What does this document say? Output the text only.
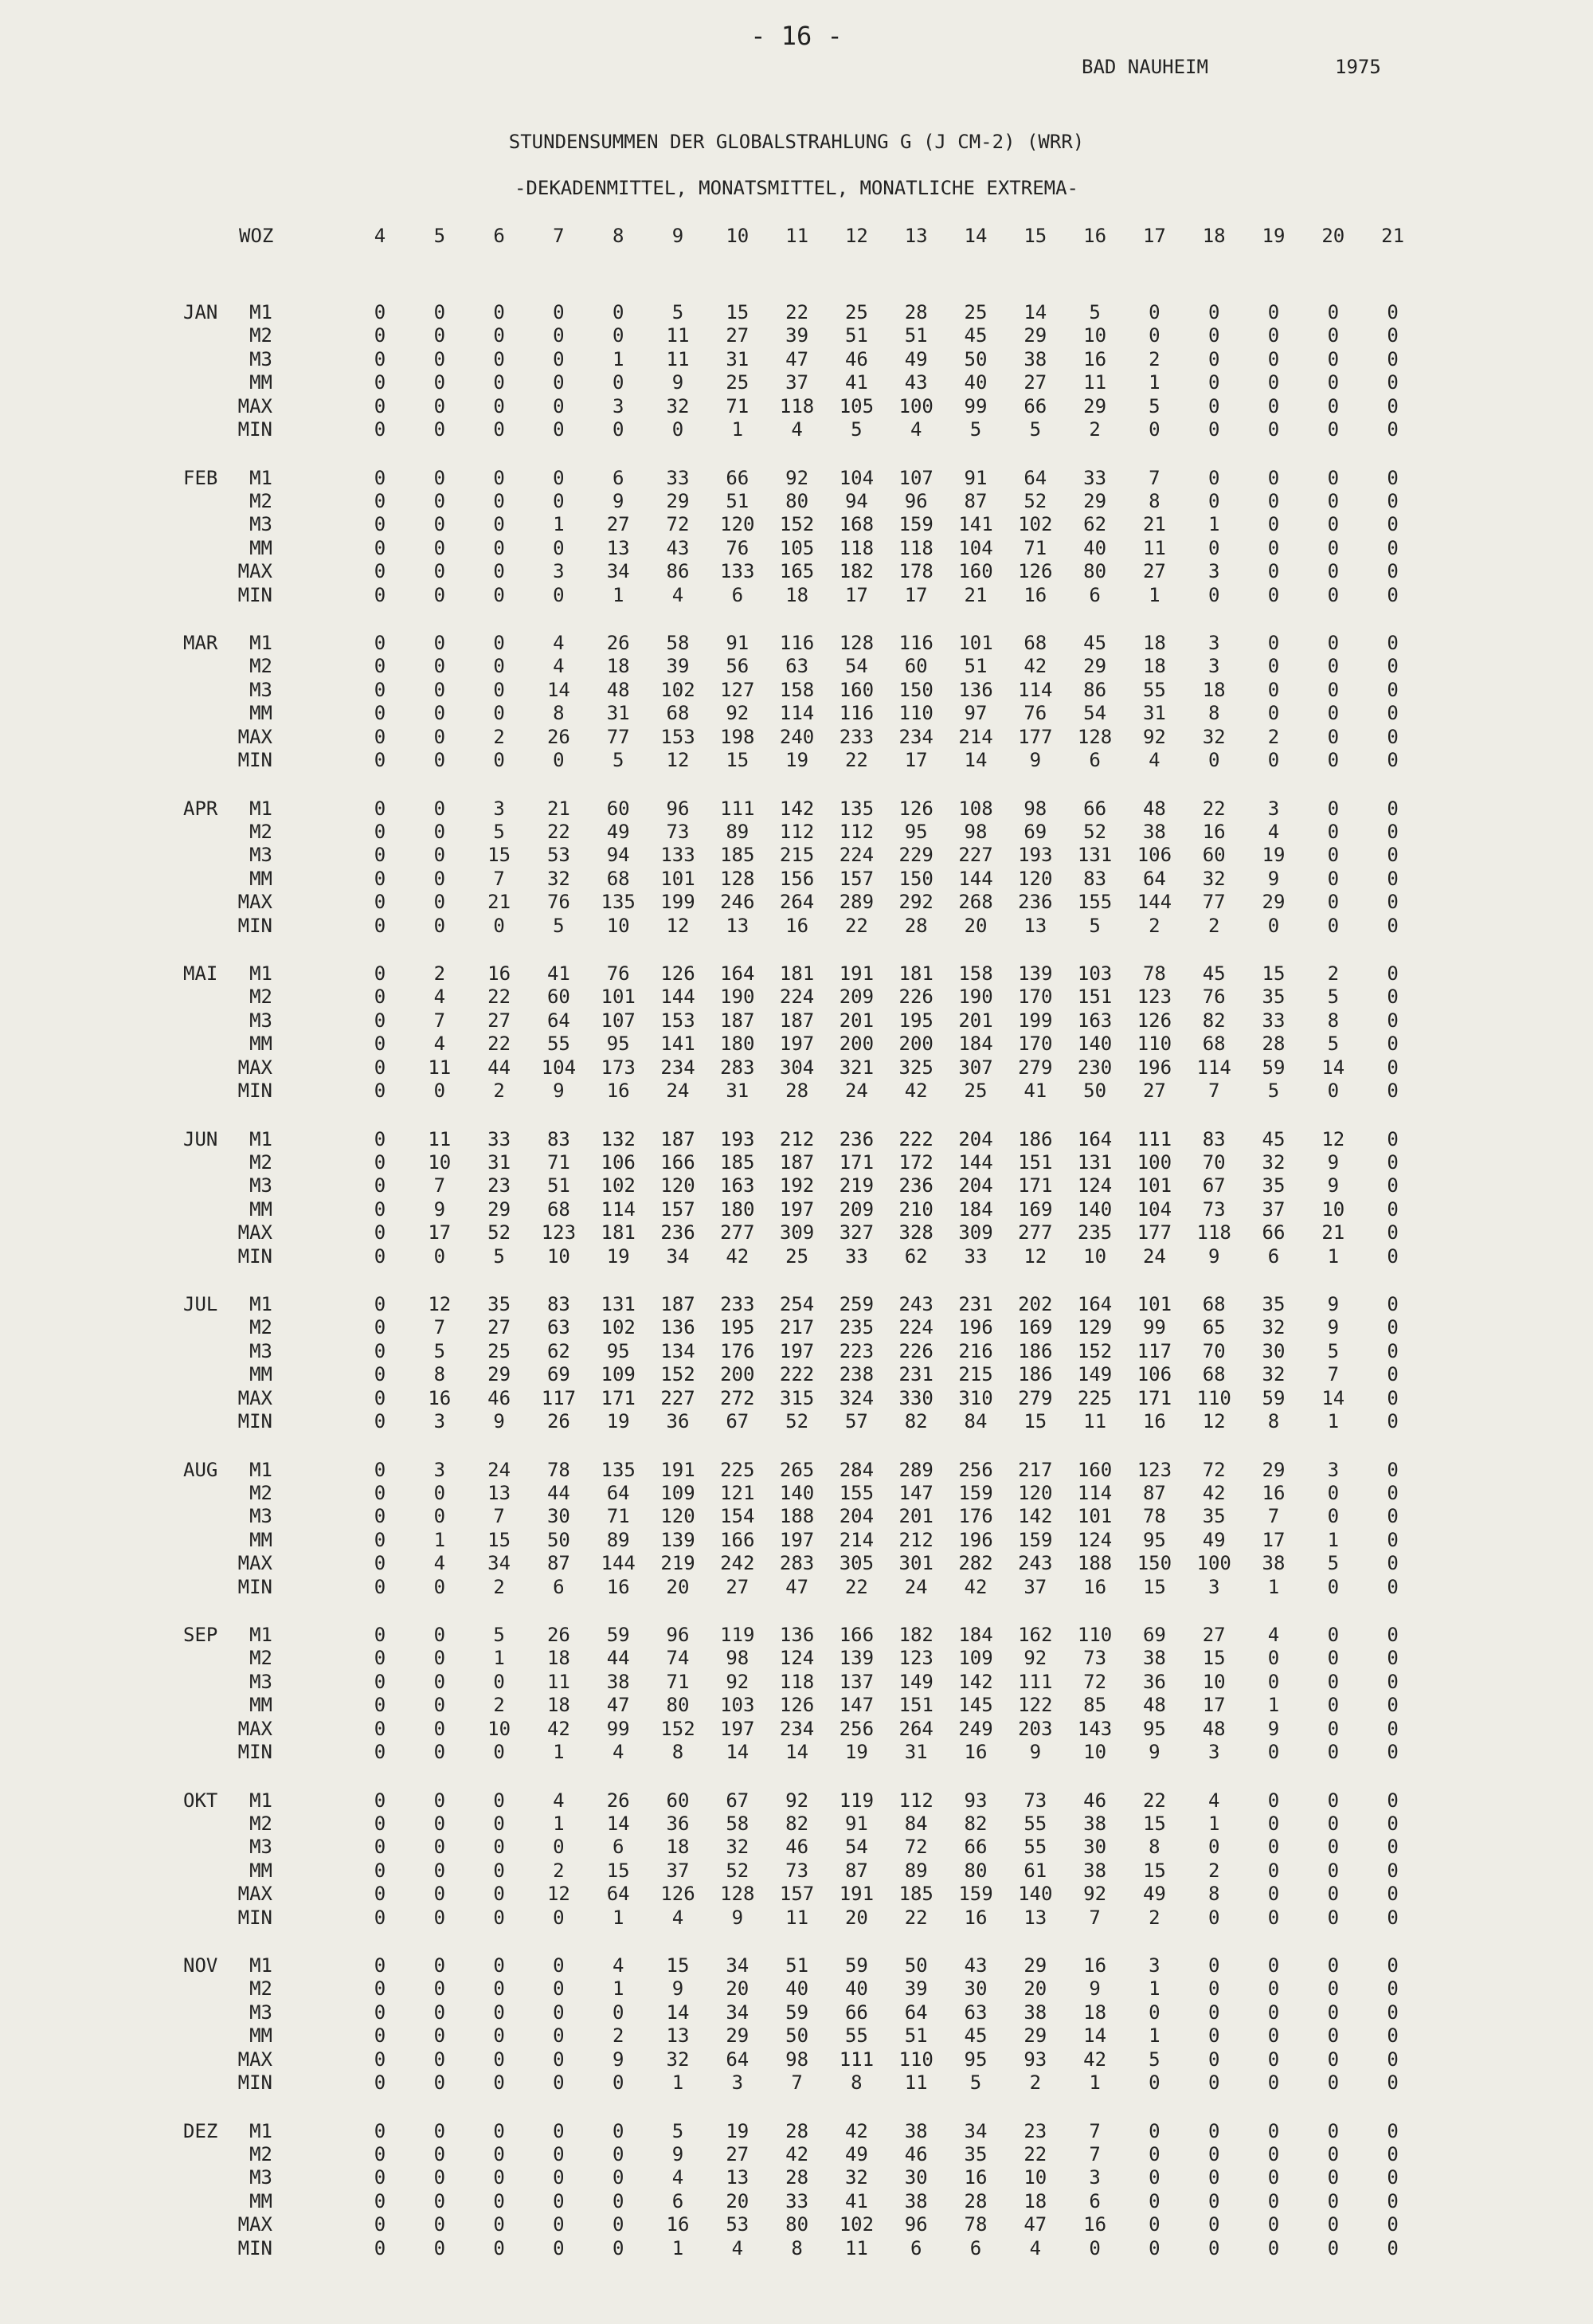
- 16 -
BAD NAUHEIM	1975
STUNDENSUMMEN DER GLOBALSTRAHLUNG G (J CM-2) (WRR)
-DEKADENMITTEL, MONATSMITTEL, MONATLICHE EXTREMA-
WOZ	4	5	6	7	8	9	10	11	12	13	14	15	16	17	18	19	20	21
JAN	M1	0	0	0	0	0	5	15	22	25	28	25	14	5	0	0	0	0	0
M2	0	0	0	0	0	11	27	39	51	51	45	29	10	0	0	0	0	0
M3	0	0	0	0	1	11	31	47	46	49	50	38	16	2	0	0	0	0
MM	0	0	0	0	0	9	25	37	41	43	40	27	11	1	0	0	0	0
MAX	0	0	0	0	3	32	71	118	105	100	99	66	29	5	0	0	0	0
MIN	0	0	0	0	0	0	1	4	5	4	5	5	2	0	0	0	0	0
FEB	M1	0	0	0	0	6	33	66	92	104	107	91	64	33	7	0	0	0	0
M2	0	0	0	0	9	29	51	80	94	96	87	52	29	8	0	0	0	0
M3	0	0	0	1	27	72	120	152	168	159	141	102	62	21	1	0	0	0
MM	0	0	0	0	13	43	76	105	118	118	104	71	40	11	0	0	0	0
MAX	0	0	0	3	34	86	133	165	182	178	160	126	80	27	3	0	0	0
MIN	0	0	0	0	1	4	6	18	17	17	21	16	6	1	0	0	0	0
MAR	M1	0	0	0	4	26	58	91	116	128	116	101	68	45	18	3	0	0	0
M2	0	0	0	4	18	39	56	63	54	60	51	42	29	18	3	0	0	0
M3	0	0	0	14	48	102	127	158	160	150	136	114	86	55	18	0	0	0
MM	0	0	0	8	31	68	92	114	116	110	97	76	54	31	8	0	0	0
MAX	0	0	2	26	77	153	198	240	233	234	214	177	128	92	32	2	0	0
MIN	0	0	0	0	5	12	15	19	22	17	14	9	6	4	0	0	0	0
APR	M1	0	0	3	21	60	96	111	142	135	126	108	98	66	48	22	3	0	0
M2	0	0	5	22	49	73	89	112	112	95	98	69	52	38	16	4	0	0
M3	0	0	15	53	94	133	185	215	224	229	227	193	131	106	60	19	0	0
MM	0	0	7	32	68	101	128	156	157	150	144	120	83	64	32	9	0	0
MAX	0	0	21	76	135	199	246	264	289	292	268	236	155	144	77	29	0	0
MIN	0	0	0	5	10	12	13	16	22	28	20	13	5	2	2	0	0	0
MAI	M1	0	2	16	41	76	126	164	181	191	181	158	139	103	78	45	15	2	0
M2	0	4	22	60	101	144	190	224	209	226	190	170	151	123	76	35	5	0
M3	0	7	27	64	107	153	187	187	201	195	201	199	163	126	82	33	8	0
MM	0	4	22	55	95	141	180	197	200	200	184	170	140	110	68	28	5	0
MAX	0	11	44	104	173	234	283	304	321	325	307	279	230	196	114	59	14	0
MIN	0	0	2	9	16	24	31	28	24	42	25	41	50	27	7	5	0	0
JUN	M1	0	11	33	83	132	187	193	212	236	222	204	186	164	111	83	45	12	0
M2	0	10	31	71	106	166	185	187	171	172	144	151	131	100	70	32	9	0
M3	0	7	23	51	102	120	163	192	219	236	204	171	124	101	67	35	9	0
MM	0	9	29	68	114	157	180	197	209	210	184	169	140	104	73	37	10	0
MAX	0	17	52	123	181	236	277	309	327	328	309	277	235	177	118	66	21	0
MIN	0	0	5	10	19	34	42	25	33	62	33	12	10	24	9	6	1	0
JUL	M1	0	12	35	83	131	187	233	254	259	243	231	202	164	101	68	35	9	0
M2	0	7	27	63	102	136	195	217	235	224	196	169	129	99	65	32	9	0
M3	0	5	25	62	95	134	176	197	223	226	216	186	152	117	70	30	5	0
MM	0	8	29	69	109	152	200	222	238	231	215	186	149	106	68	32	7	0
MAX	0	16	46	117	171	227	272	315	324	330	310	279	225	171	110	59	14	0
MIN	0	3	9	26	19	36	67	52	57	82	84	15	11	16	12	8	1	0
AUG	M1	0	3	24	78	135	191	225	265	284	289	256	217	160	123	72	29	3	0
M2	0	0	13	44	64	109	121	140	155	147	159	120	114	87	42	16	0	0
M3	0	0	7	30	71	120	154	188	204	201	176	142	101	78	35	7	0	0
MM	0	1	15	50	89	139	166	197	214	212	196	159	124	95	49	17	1	0
MAX	0	4	34	87	144	219	242	283	305	301	282	243	188	150	100	38	5	0
MIN	0	0	2	6	16	20	27	47	22	24	42	37	16	15	3	1	0	0
SEP	M1	0	0	5	26	59	96	119	136	166	182	184	162	110	69	27	4	0	0
M2	0	0	1	18	44	74	98	124	139	123	109	92	73	38	15	0	0	0
M3	0	0	0	11	38	71	92	118	137	149	142	111	72	36	10	0	0	0
MM	0	0	2	18	47	80	103	126	147	151	145	122	85	48	17	1	0	0
MAX	0	0	10	42	99	152	197	234	256	264	249	203	143	95	48	9	0	0
MIN	0	0	0	1	4	8	14	14	19	31	16	9	10	9	3	0	0	0
OKT	M1	0	0	0	4	26	60	67	92	119	112	93	73	46	22	4	0	0	0
M2	0	0	0	1	14	36	58	82	91	84	82	55	38	15	1	0	0	0
M3	0	0	0	0	6	18	32	46	54	72	66	55	30	8	0	0	0	0
MM	0	0	0	2	15	37	52	73	87	89	80	61	38	15	2	0	0	0
MAX	0	0	0	12	64	126	128	157	191	185	159	140	92	49	8	0	0	0
MIN	0	0	0	0	1	4	9	11	20	22	16	13	7	2	0	0	0	0
NOV	M1	0	0	0	0	4	15	34	51	59	50	43	29	16	3	0	0	0	0
M2	0	0	0	0	1	9	20	40	40	39	30	20	9	1	0	0	0	0
M3	0	0	0	0	0	14	34	59	66	64	63	38	18	0	0	0	0	0
MM	0	0	0	0	2	13	29	50	55	51	45	29	14	1	0	0	0	0
MAX	0	0	0	0	9	32	64	98	111	110	95	93	42	5	0	0	0	0
MIN	0	0	0	0	0	1	3	7	8	11	5	2	1	0	0	0	0	0
DEZ	M1	0	0	0	0	0	5	19	28	42	38	34	23	7	0	0	0	0	0
M2	0	0	0	0	0	9	27	42	49	46	35	22	7	0	0	0	0	0
M3	0	0	0	0	0	4	13	28	32	30	16	10	3	0	0	0	0	0
MM	0	0	0	0	0	6	20	33	41	38	28	18	6	0	0	0	0	0
MAX	0	0	0	0	0	16	53	80	102	96	78	47	16	0	0	0	0	0
MIN	0	0	0	0	0	1	4	8	11	6	6	4	0	0	0	0	0	0
